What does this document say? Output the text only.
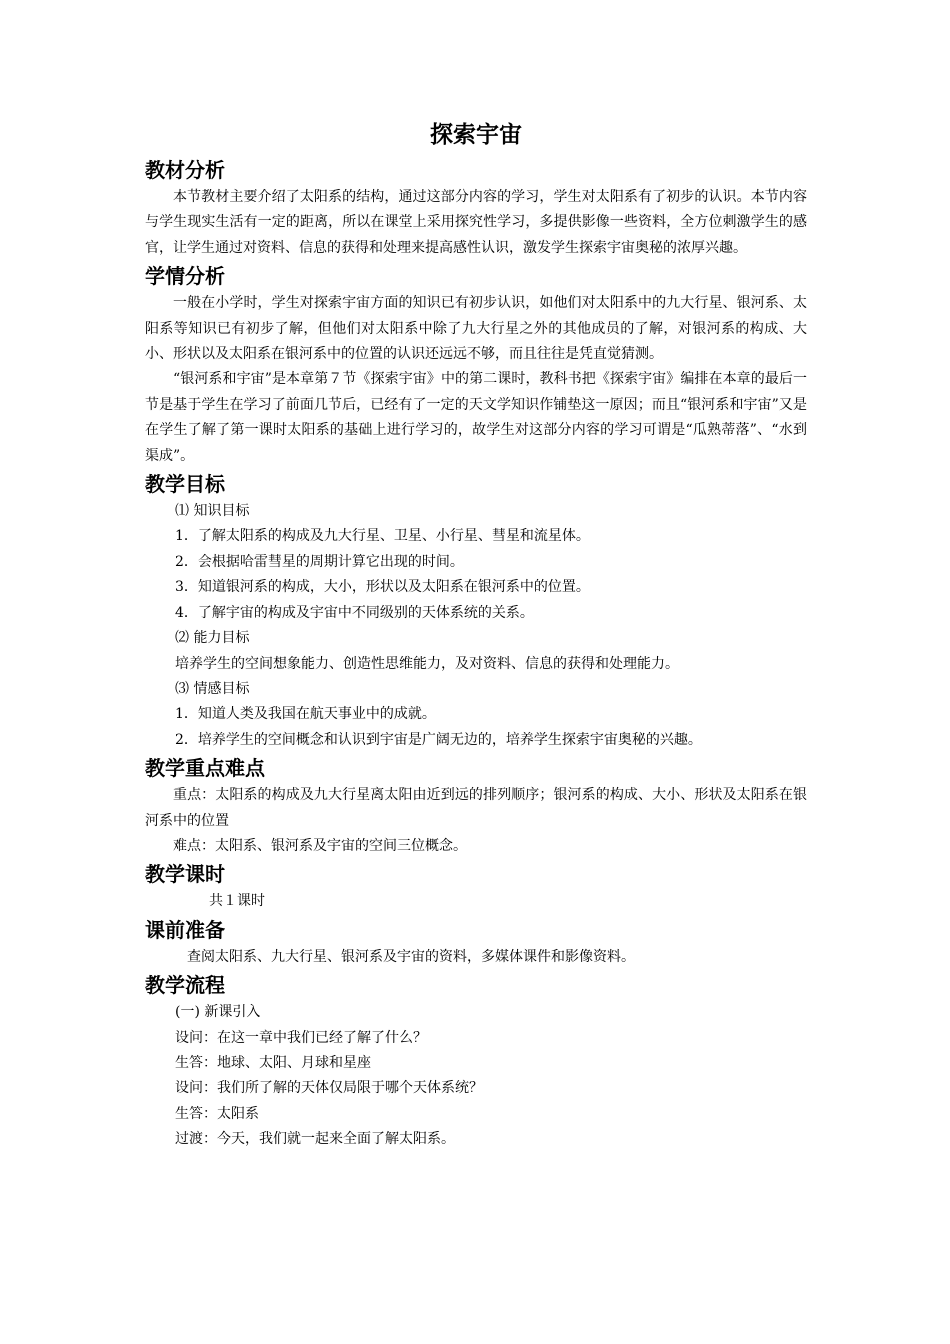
探索宇宙
教材分析

本节教材主要介绍了太阳系的结构，通过这部分内容的学习，学生对太阳系有了初步的认识。本节内容与学生现实生活有一定的距离，所以在课堂上采用探究性学习，多提供影像一些资料，全方位刺激学生的感官，让学生通过对资料、信息的获得和处理来提高感性认识，激发学生探索宇宙奥秘的浓厚兴趣。

学情分析

一般在小学时，学生对探索宇宙方面的知识已有初步认识，如他们对太阳系中的九大行星、银河系、太阳系等知识已有初步了解，但他们对太阳系中除了九大行星之外的其他成员的了解，对银河系的构成、大小、形状以及太阳系在银河系中的位置的认识还远远不够，而且往往是凭直觉猜测。

“银河系和宇宙”是本章第７节《探索宇宙》中的第二课时，教科书把《探索宇宙》编排在本章的最后一节是基于学生在学习了前面几节后，已经有了一定的天文学知识作铺垫这一原因；而且“银河系和宇宙”又是在学生了解了第一课时太阳系的基础上进行学习的，故学生对这部分内容的学习可谓是“瓜熟蒂落”、“水到渠成”。

教学目标

⑴ 知识目标

1．了解太阳系的构成及九大行星、卫星、小行星、彗星和流星体。

2．会根据哈雷彗星的周期计算它出现的时间。

3．知道银河系的构成，大小，形状以及太阳系在银河系中的位置。

4．了解宇宙的构成及宇宙中不同级别的天体系统的关系。

⑵ 能力目标

培养学生的空间想象能力、创造性思维能力，及对资料、信息的获得和处理能力。

⑶ 情感目标

1．知道人类及我国在航天事业中的成就。

2．培养学生的空间概念和认识到宇宙是广阔无边的，培养学生探索宇宙奥秘的兴趣。

教学重点难点

重点：太阳系的构成及九大行星离太阳由近到远的排列顺序；银河系的构成、大小、形状及太阳系在银河系中的位置

难点：太阳系、银河系及宇宙的空间三位概念。

教学课时

共１课时

课前准备

查阅太阳系、九大行星、银河系及宇宙的资料，多媒体课件和影像资料。

教学流程

(一) 新课引入

设问：在这一章中我们已经了解了什么？

生答：地球、太阳、月球和星座

设问：我们所了解的天体仅局限于哪个天体系统？

生答：太阳系

过渡：今天，我们就一起来全面了解太阳系。
